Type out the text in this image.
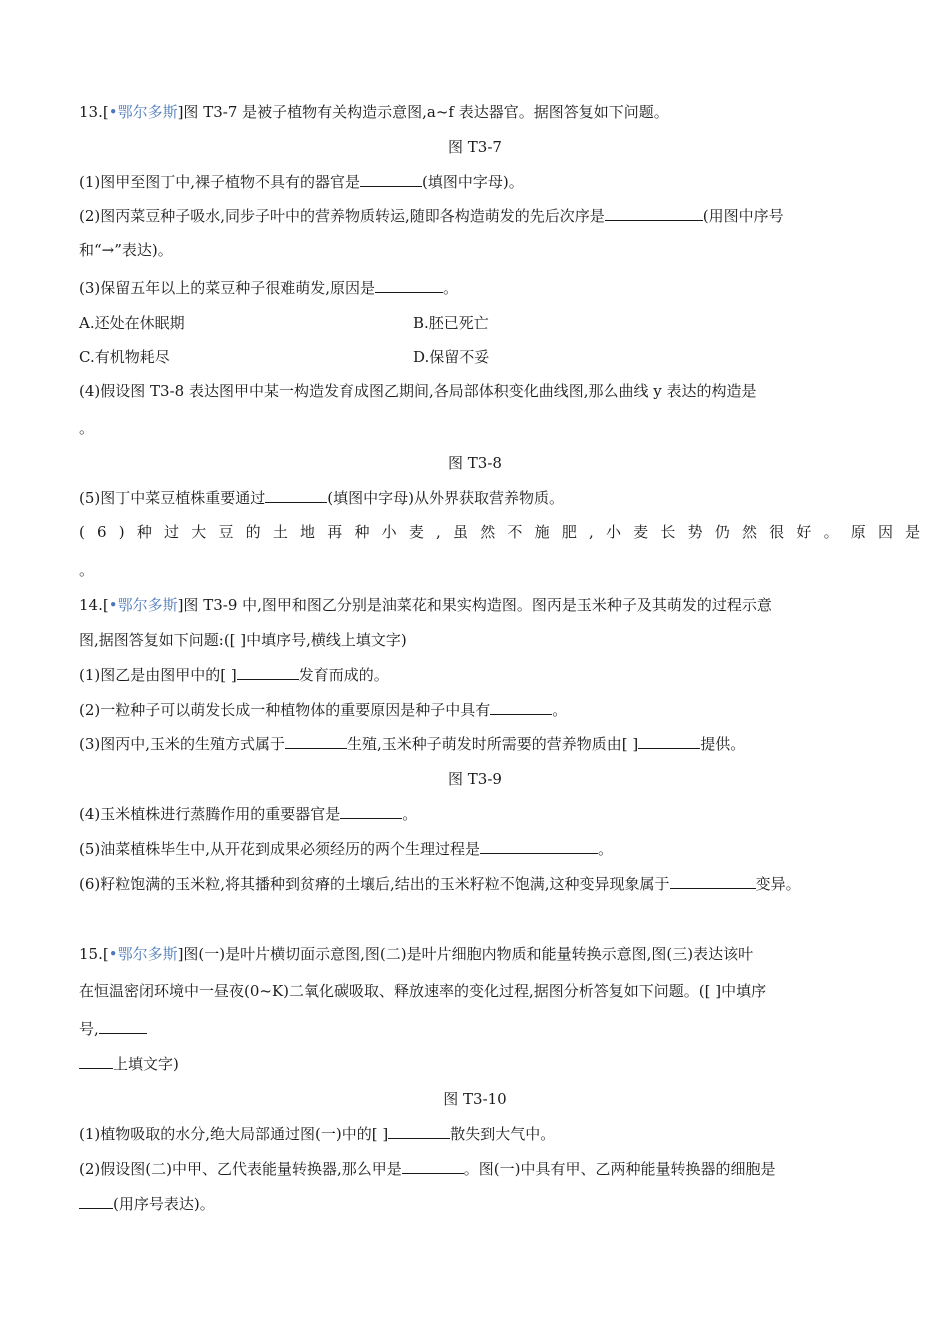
13.[•鄂尔多斯]图 T3-7 是被子植物有关构造示意图,a~f 表达器官。据图答复如下问题。
图 T3-7
(1)图甲至图丁中,裸子植物不具有的器官是	(填图中字母)。
(2)图丙菜豆种子吸水,同步子叶中的营养物质转运,随即各构造萌发的先后次序是	(用图中序号
和“→”表达)。
(3)保留五年以上的菜豆种子很难萌发,原因是	。
A.还处在休眠期	B.胚已死亡
C.有机物耗尽	D.保留不妥
(4)假设图 T3-8 表达图甲中某一构造发育成图乙期间,各局部体积变化曲线图,那么曲线 y 表达的构造是
。
图 T3-8
(5)图丁中菜豆植株重要通过	(填图中字母)从外界获取营养物质。
(6)种过大豆的土地再种小麦,虽然不施肥,小麦长势仍然很好。原因是
。
14.[•鄂尔多斯]图 T3-9 中,图甲和图乙分别是油菜花和果实构造图。图丙是玉米种子及其萌发的过程示意
图,据图答复如下问题:([ ]中填序号,横线上填文字)
(1)图乙是由图甲中的[ ]	发育而成的。
(2)一粒种子可以萌发长成一种植物体的重要原因是种子中具有	。
(3)图丙中,玉米的生殖方式属于	生殖,玉米种子萌发时所需要的营养物质由[ ]	提供。
图 T3-9
(4)玉米植株进行蒸腾作用的重要器官是	。
(5)油菜植株毕生中,从开花到成果必须经历的两个生理过程是	。
(6)籽粒饱满的玉米粒,将其播种到贫瘠的土壤后,结出的玉米籽粒不饱满,这种变异现象属于	变异。
15.[•鄂尔多斯]图(一)是叶片横切面示意图,图(二)是叶片细胞内物质和能量转换示意图,图(三)表达该叶
在恒温密闭环境中一昼夜(0~K)二氧化碳吸取、释放速率的变化过程,据图分析答复如下问题。([ ]中填序
号,
上填文字)
图 T3-10
(1)植物吸取的水分,绝大局部通过图(一)中的[ ]	散失到大气中。
(2)假设图(二)中甲、乙代表能量转换器,那么甲是	。图(一)中具有甲、乙两种能量转换器的细胞是
(用序号表达)。
